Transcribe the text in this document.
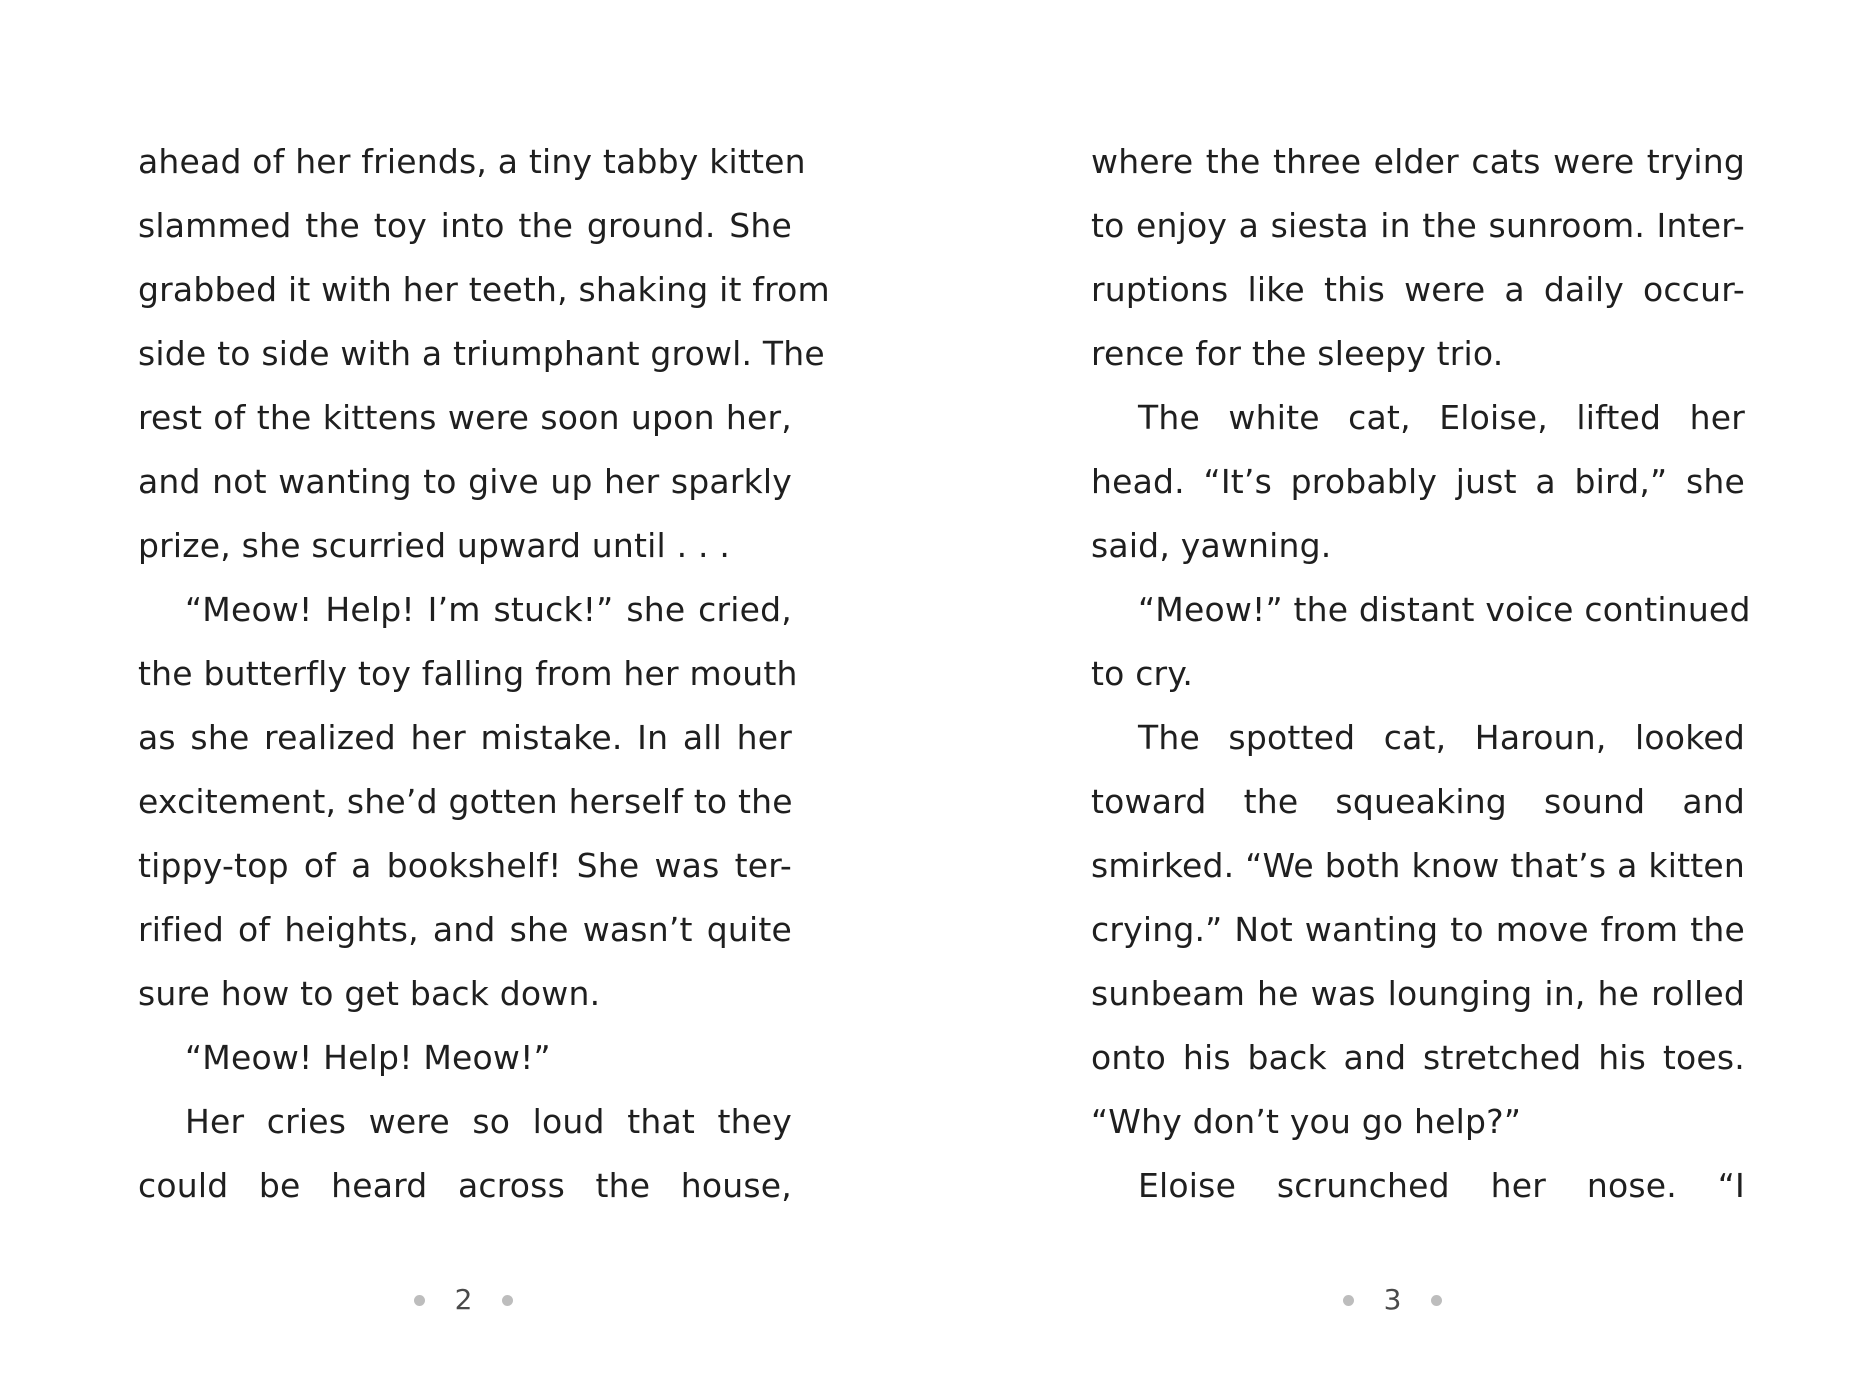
ahead of her friends, a tiny tabby kitten
slammed the toy into the ground. She
grabbed it with her teeth, shaking it from
side to side with a triumphant growl. The
rest of the kittens were soon upon her,
and not wanting to give up her sparkly
prize, she scurried upward until . . .
“Meow! Help! I’m stuck!” she cried,
the butterfly toy falling from her mouth
as she realized her mistake. In all her
excitement, she’d gotten herself to the
tippy-top of a bookshelf! She was ter-
rified of heights, and she wasn’t quite
sure how to get back down.
“Meow! Help! Meow!”
Her cries were so loud that they
could be heard across the house,
2
where the three elder cats were trying
to enjoy a siesta in the sunroom. Inter-
ruptions like this were a daily occur-
rence for the sleepy trio.
The white cat, Eloise, lifted her
head. “It’s probably just a bird,” she
said, yawning.
“Meow!” the distant voice continued
to cry.
The spotted cat, Haroun, looked
toward the squeaking sound and
smirked. “We both know that’s a kitten
crying.” Not wanting to move from the
sunbeam he was lounging in, he rolled
onto his back and stretched his toes.
“Why don’t you go help?”
Eloise scrunched her nose. “I
3
